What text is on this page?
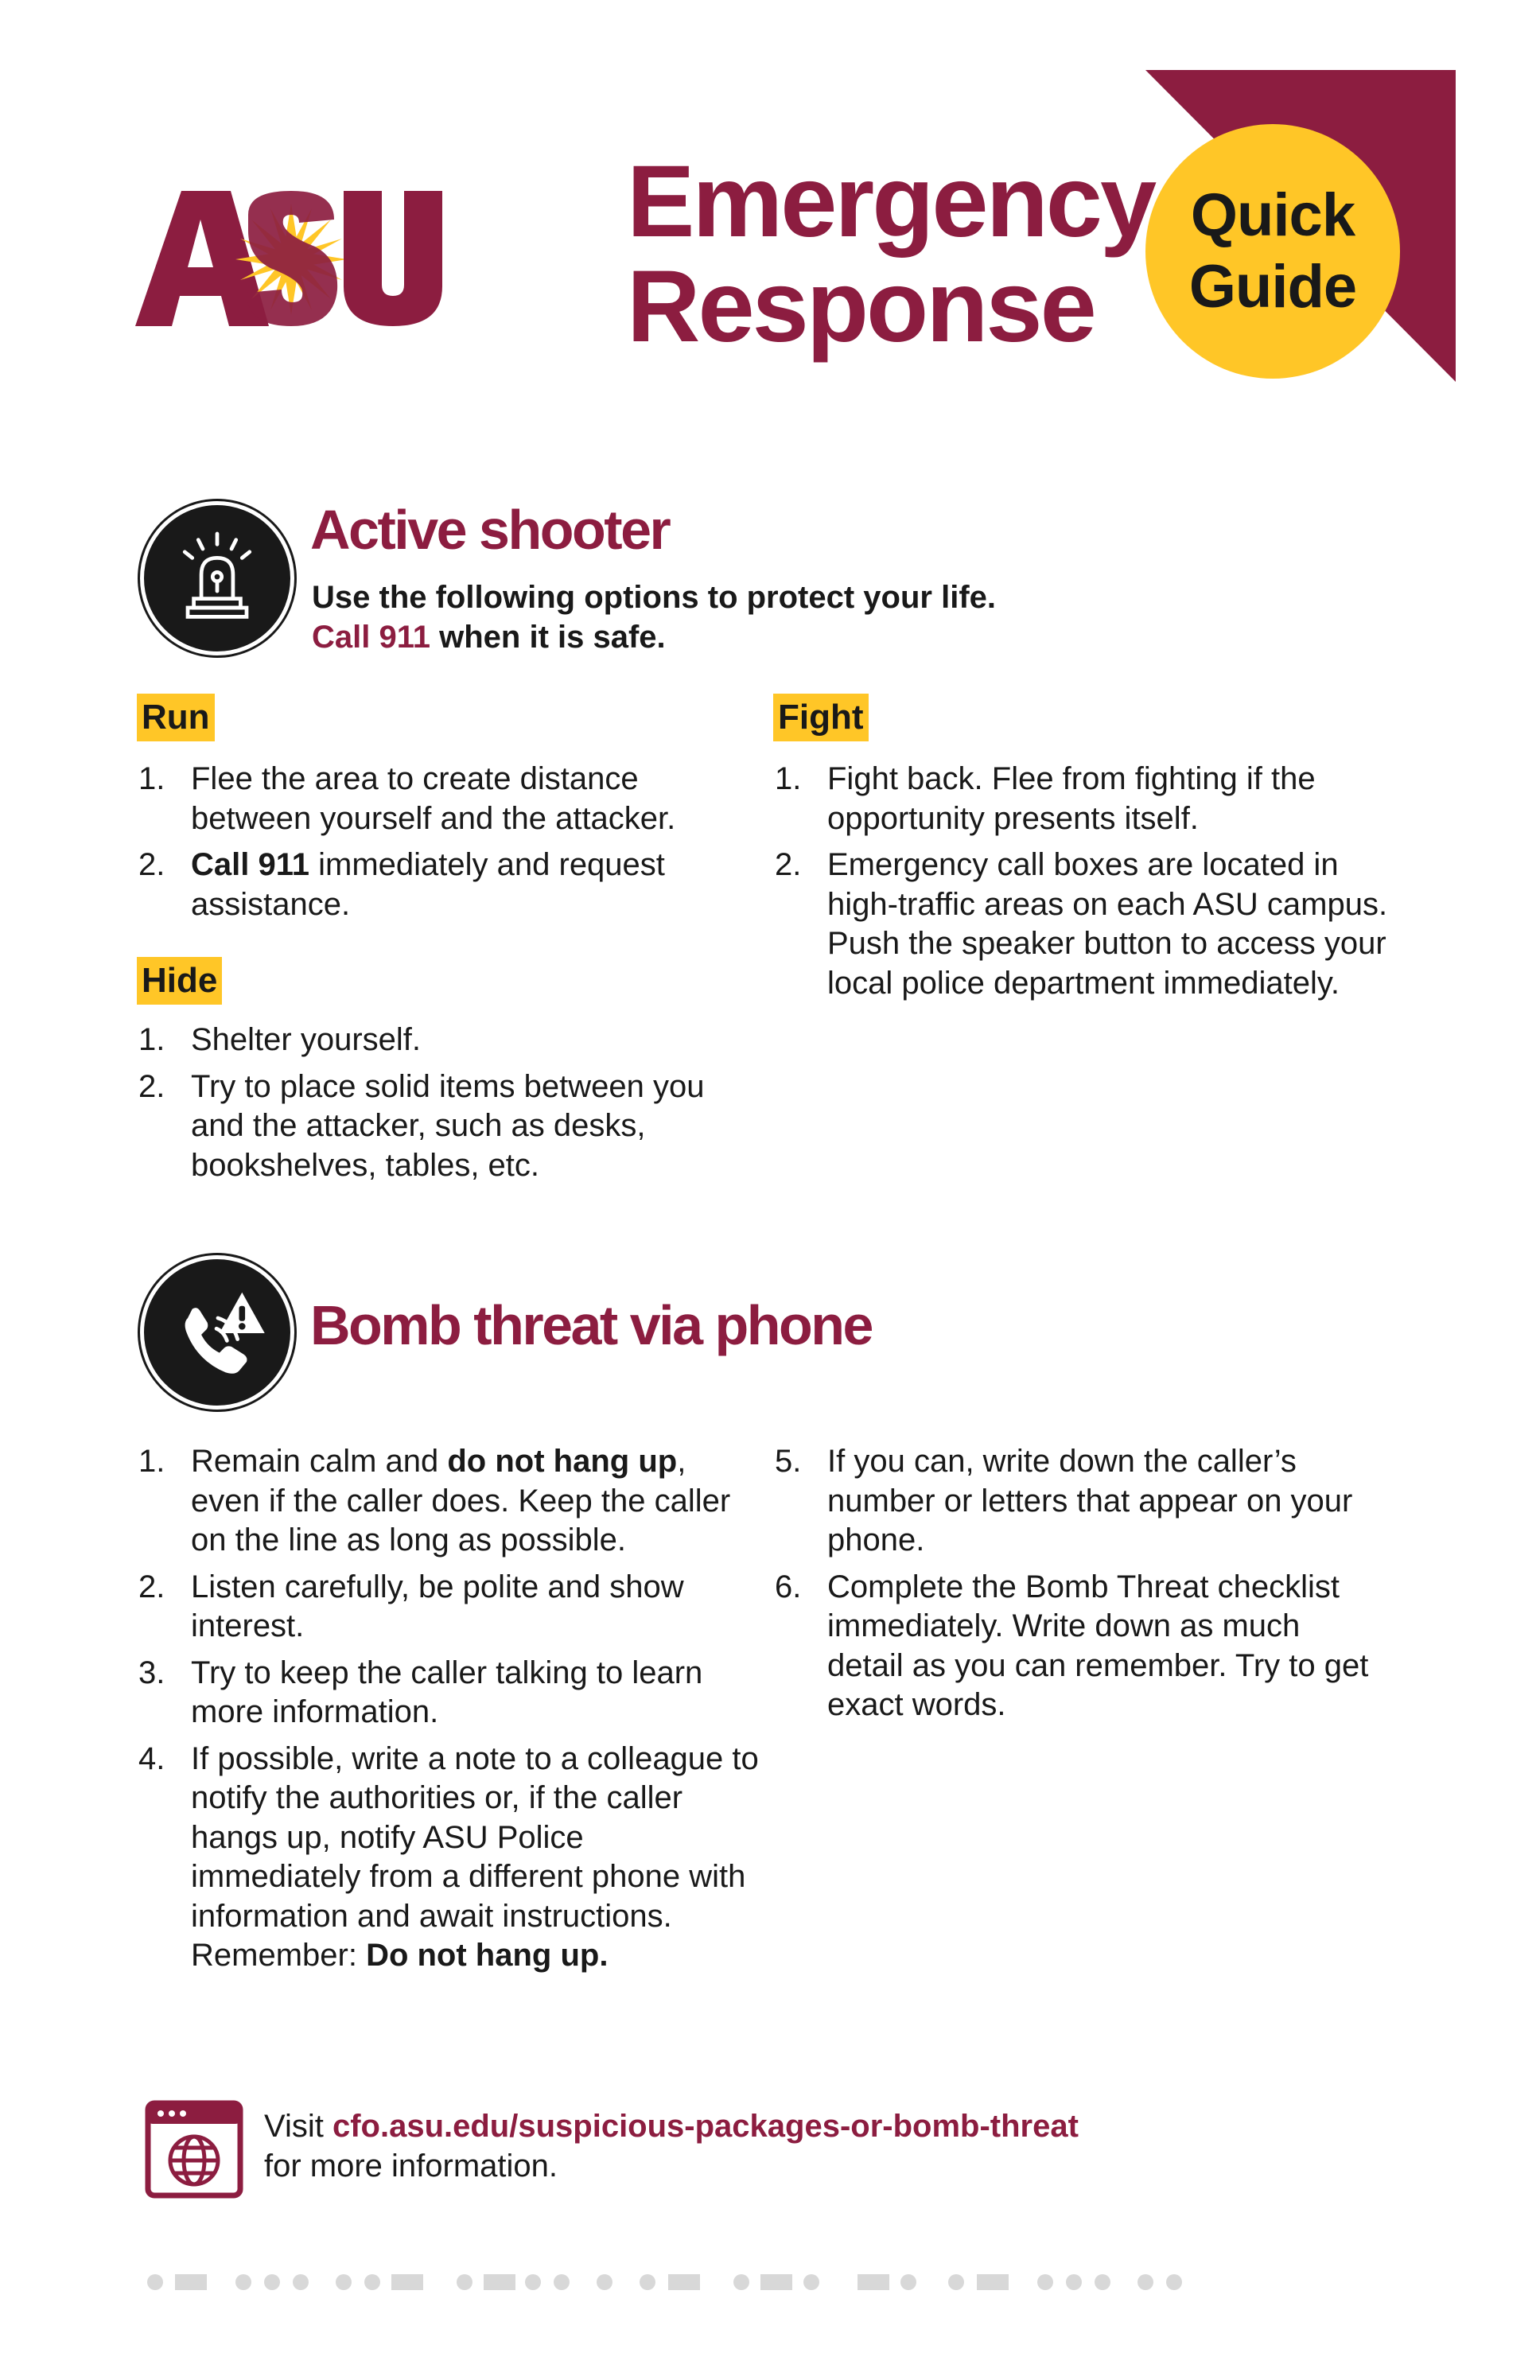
Emergency
Response
Quick
Guide
Active shooter
Use the following options to protect your life.
Call 911 when it is safe.
Run
1. Flee the area to create distance between yourself and the attacker.
2. Call 911 immediately and request assistance.
Hide
1. Shelter yourself.
2. Try to place solid items between you and the attacker, such as desks, bookshelves, tables, etc.
Fight
1. Fight back. Flee from fighting if the opportunity presents itself.
2. Emergency call boxes are located in high-traffic areas on each ASU campus. Push the speaker button to access your local police department immediately.
Bomb threat via phone
1. Remain calm and do not hang up, even if the caller does. Keep the caller on the line as long as possible.
2. Listen carefully, be polite and show interest.
3. Try to keep the caller talking to learn more information.
4. If possible, write a note to a colleague to notify the authorities or, if the caller hangs up, notify ASU Police immediately from a different phone with information and await instructions. Remember: Do not hang up.
5. If you can, write down the caller’s number or letters that appear on your phone.
6. Complete the Bomb Threat checklist immediately. Write down as much detail as you can remember. Try to get exact words.
Visit cfo.asu.edu/suspicious-packages-or-bomb-threat
for more information.
